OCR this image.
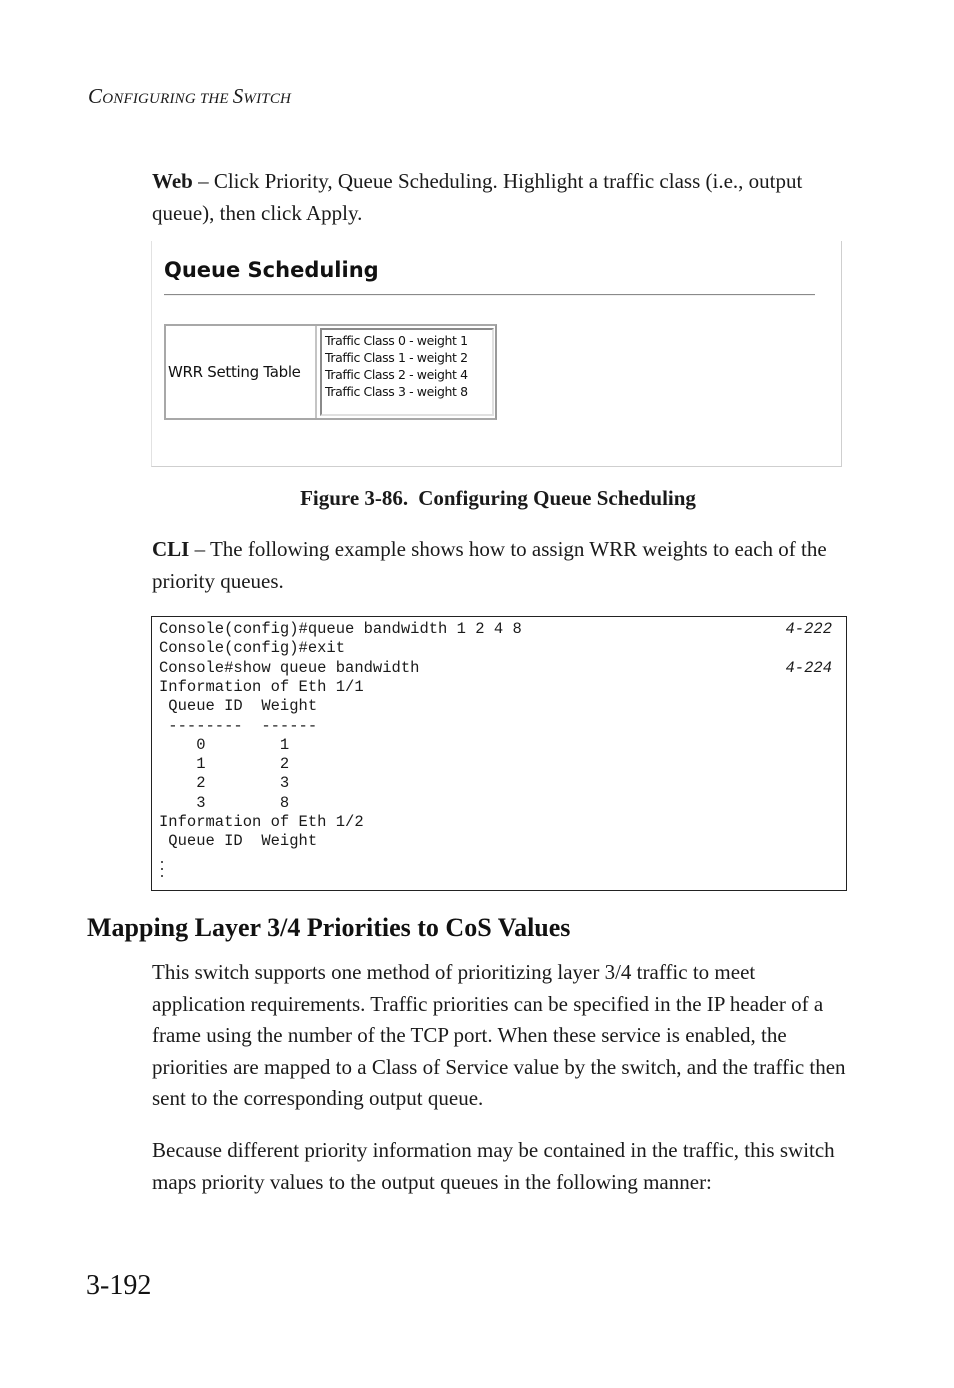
CONFIGURING THE SWITCH
Web – Click Priority, Queue Scheduling. Highlight a traffic class (i.e., output queue), then click Apply.
Queue Scheduling
WRR Setting Table
Traffic Class 0 - weight 1
Traffic Class 1 - weight 2
Traffic Class 2 - weight 4
Traffic Class 3 - weight 8
Figure 3-86. Configuring Queue Scheduling
CLI – The following example shows how to assign WRR weights to each of the priority queues.
Console(config)#queue bandwidth 1 2 4 8	4-222
Console(config)#exit
Console#show queue bandwidth	4-224
Information of Eth 1/1
Queue ID  Weight
--------  ------
0        1
1        2
2        3
3        8
Information of Eth 1/2
Queue ID  Weight
Mapping Layer 3/4 Priorities to CoS Values
This switch supports one method of prioritizing layer 3/4 traffic to meet application requirements. Traffic priorities can be specified in the IP header of a frame using the number of the TCP port. When these service is enabled, the priorities are mapped to a Class of Service value by the switch, and the traffic then sent to the corresponding output queue.
Because different priority information may be contained in the traffic, this switch maps priority values to the output queues in the following manner:
3-192
